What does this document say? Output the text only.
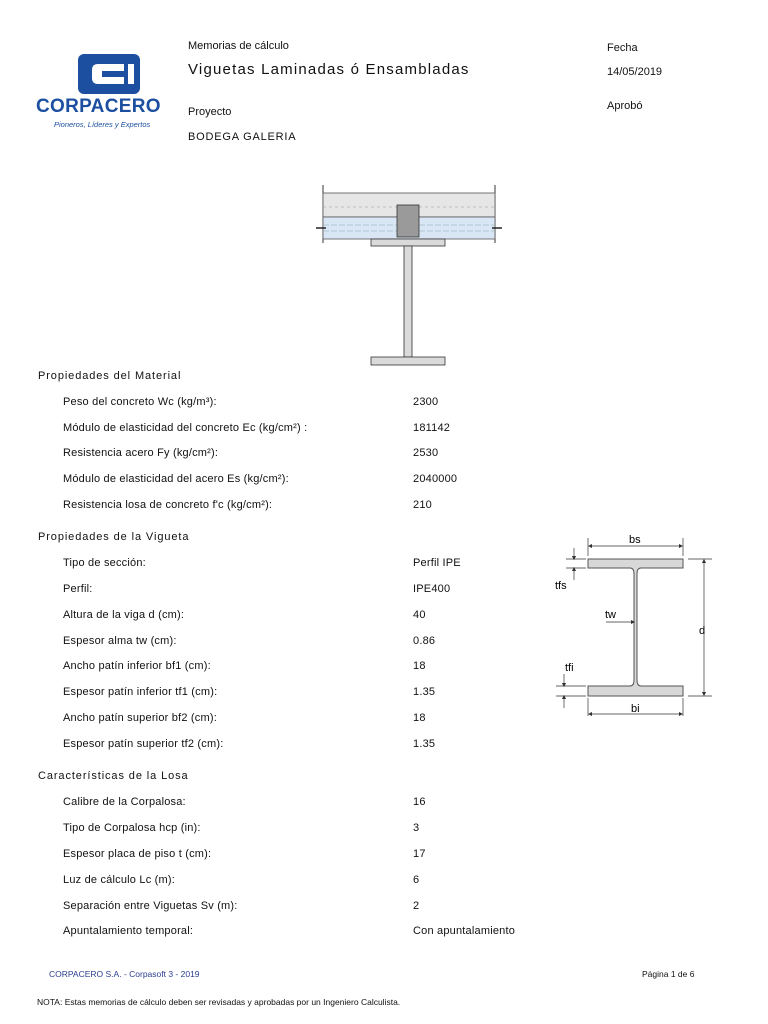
CORPACERO
Pioneros, Líderes y Expertos
Memorias de cálculo
Viguetas Laminadas ó Ensambladas
Proyecto
BODEGA GALERIA
Fecha
14/05/2019
Aprobó
Propiedades del Material
Peso del concreto Wc (kg/m³):	2300
Módulo de elasticidad del concreto Ec (kg/cm²) :	181142
Resistencia acero Fy (kg/cm²):	2530
Módulo de elasticidad del acero Es (kg/cm²):	2040000
Resistencia losa de concreto f'c (kg/cm²):	210
Propiedades de la Vigueta
Tipo de sección:	Perfil IPE
Perfil:	IPE400
Altura de la viga d (cm):	40
Espesor alma tw (cm):	0.86
Ancho patín inferior bf1 (cm):	18
Espesor patín inferior tf1 (cm):	1.35
Ancho patín superior bf2 (cm):	18
Espesor patín superior tf2 (cm):	1.35
bs
tfs
tw
d
tfi
bi
Características de la Losa
Calibre de la Corpalosa:	16
Tipo de Corpalosa hcp (in):	3
Espesor placa de piso t (cm):	17
Luz de cálculo Lc (m):	6
Separación entre Viguetas Sv (m):	2
Apuntalamiento temporal:	Con apuntalamiento
CORPACERO S.A. - Corpasoft 3 - 2019	Página 1 de 6
NOTA: Estas memorias de cálculo deben ser revisadas y aprobadas por un Ingeniero Calculista.
